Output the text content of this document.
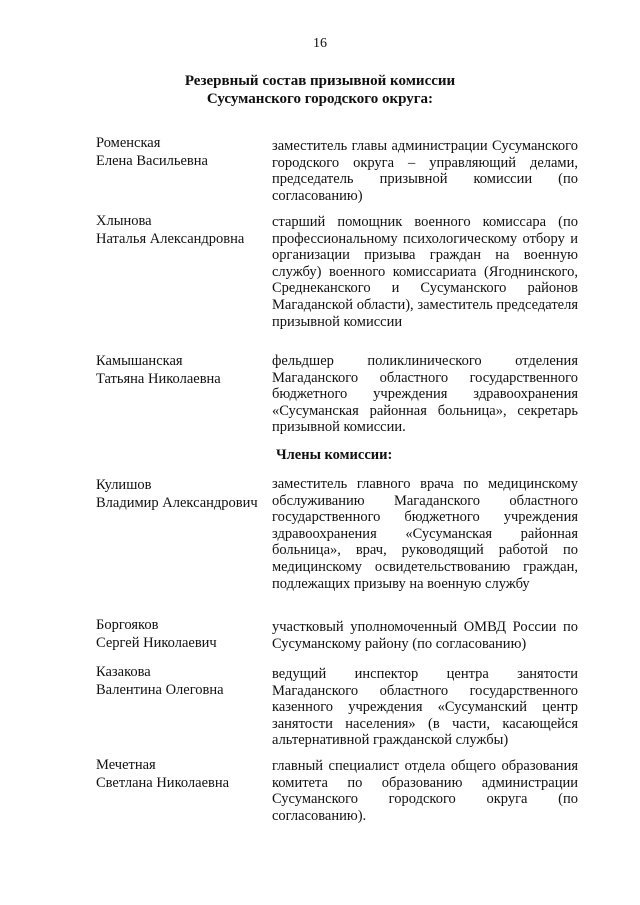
16
Резервный состав призывной комиссии
Сусуманского городского округа:
Роменская
Елена Васильевна
заместитель главы администрации Сусуманского городского округа – управляющий делами, председатель призывной комиссии (по согласованию)
Хлынова
Наталья Александровна
старший помощник военного комиссара (по профессиональному психологическому отбору и организации призыва граждан на военную службу) военного комиссариата (Ягоднинского, Среднеканского и Сусуманского районов Магаданской области), заместитель председателя призывной комиссии
Камышанская
Татьяна Николаевна
фельдшер поликлинического отделения Магаданского областного государственного бюджетного учреждения здравоохранения «Сусуманская районная больница», секретарь призывной комиссии.
Члены комиссии:
Кулишов
Владимир Александрович
заместитель главного врача по медицинскому обслуживанию Магаданского областного государственного бюджетного учреждения здравоохранения «Сусуманская районная больница», врач, руководящий работой по медицинскому освидетельствованию граждан, подлежащих призыву на военную службу
Боргояков
Сергей Николаевич
участковый уполномоченный ОМВД России по Сусуманскому району (по согласованию)
Казакова
Валентина Олеговна
ведущий инспектор центра занятости Магаданского областного государственного казенного учреждения «Сусуманский центр занятости населения» (в части, касающейся альтернативной гражданской службы)
Мечетная
Светлана Николаевна
главный специалист отдела общего образования комитета по образованию администрации Сусуманского городского округа (по согласованию).
